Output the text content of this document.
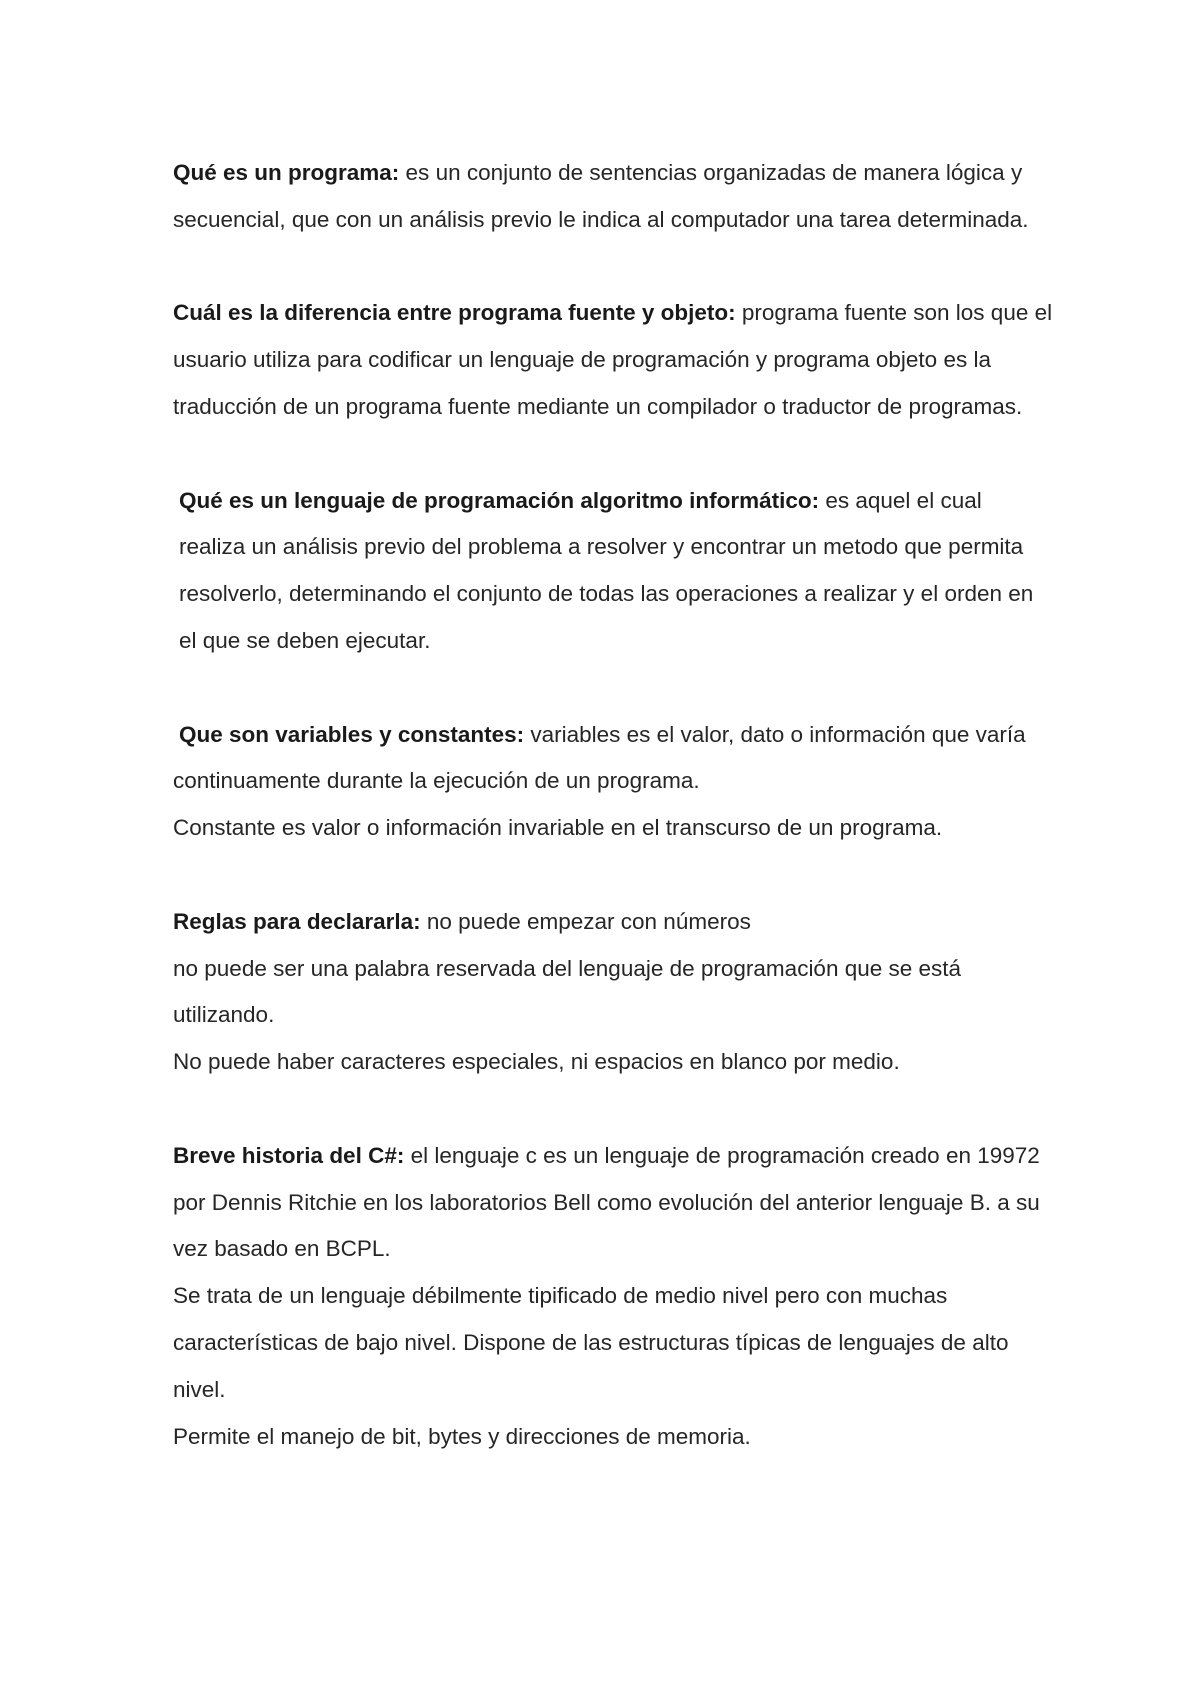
Qué es un programa: es un conjunto de sentencias organizadas de manera lógica y secuencial, que con un análisis previo le indica al computador una tarea determinada.

Cuál es la diferencia entre programa fuente y objeto: programa fuente son los que el usuario utiliza para codificar un lenguaje de programación y programa objeto es la traducción de un programa fuente mediante un compilador o traductor de programas.

Qué es un lenguaje de programación algoritmo informático: es aquel el cual realiza un análisis previo del problema a resolver y encontrar un metodo que permita resolverlo, determinando el conjunto de todas las operaciones a realizar y el orden en el que se deben ejecutar.

Que son variables y constantes: variables es el valor, dato o información que varía continuamente durante la ejecución de un programa.

Constante es valor o información invariable en el transcurso de un programa.

Reglas para declararla: no puede empezar con números

no puede ser una palabra reservada del lenguaje de programación que se está utilizando.

No puede haber caracteres especiales, ni espacios en blanco por medio.

Breve historia del C#: el lenguaje c es un lenguaje de programación creado en 19972 por Dennis Ritchie en los laboratorios Bell como evolución del anterior lenguaje B. a su vez basado en BCPL.

Se trata de un lenguaje débilmente tipificado de medio nivel pero con muchas características de bajo nivel. Dispone de las estructuras típicas de lenguajes de alto nivel.

Permite el manejo de bit, bytes y direcciones de memoria.
